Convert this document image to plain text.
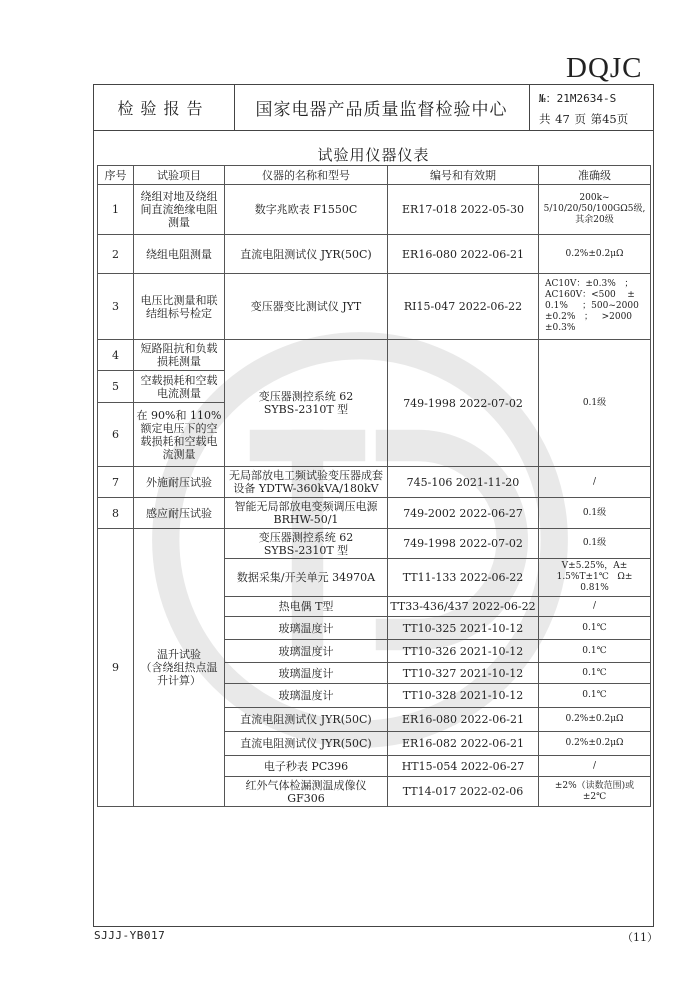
DQJC
检验报告	国家电器产品质量监督检验中心
№：21M2634-S
共 47 页 第45页
试验用仪器仪表
序号	试验项目	仪器的名称和型号	编号和有效期	准确级
1	绕组对地及绕组间直流绝缘电阻测量	数字兆欧表 F1550C	ER17-018 2022-05-30	200k~
5/10/20/50/100GΩ5级,其余20级
2	绕组电阻测量	直流电阻测试仪 JYR(50C)	ER16-080 2022-06-21	0.2%±0.2μΩ
3	电压比测量和联结组标号检定	变压器变比测试仪 JYT	RI15-047 2022-06-22	AC10V：±0.3%   ；
AC160V：<500    ±
0.1%     ；500~2000
±0.2%   ；   >2000
±0.3%
4	短路阻抗和负载损耗测量	变压器测控系统 62
SYBS-2310T 型	749-1998 2022-07-02	0.1级
5	空载损耗和空载电流测量			
6	在 90%和 110%额定电压下的空载损耗和空载电流测量			
7	外施耐压试验	无局部放电工频试验变压器成套设备 YDTW-360kVA/180kV	745-106 2021-11-20	/
8	感应耐压试验	智能无局部放电变频调压电源BRHW-50/1	749-2002 2022-06-27	0.1级
9	温升试验
（含绕组热点温升计算）	变压器测控系统 62
SYBS-2310T 型	749-1998 2022-07-02	0.1级
		数据采集/开关单元 34970A	TT11-133 2022-06-22	V±5.25%，A±
1.5%T±1℃   Ω±
0.81%
		热电偶 T型	TT33-436/437 2022-06-22	/
		玻璃温度计	TT10-325 2021-10-12	0.1℃
		玻璃温度计	TT10-326 2021-10-12	0.1℃
		玻璃温度计	TT10-327 2021-10-12	0.1℃
		玻璃温度计	TT10-328 2021-10-12	0.1℃
		直流电阻测试仪 JYR(50C)	ER16-080 2022-06-21	0.2%±0.2μΩ
		直流电阻测试仪 JYR(50C)	ER16-082 2022-06-21	0.2%±0.2μΩ
		电子秒表 PC396	HT15-054 2022-06-27	/
		红外气体检漏测温成像仪
GF306	TT14-017 2022-02-06	±2%（读数范围)或
±2℃
SJJJ-YB017	（11）
